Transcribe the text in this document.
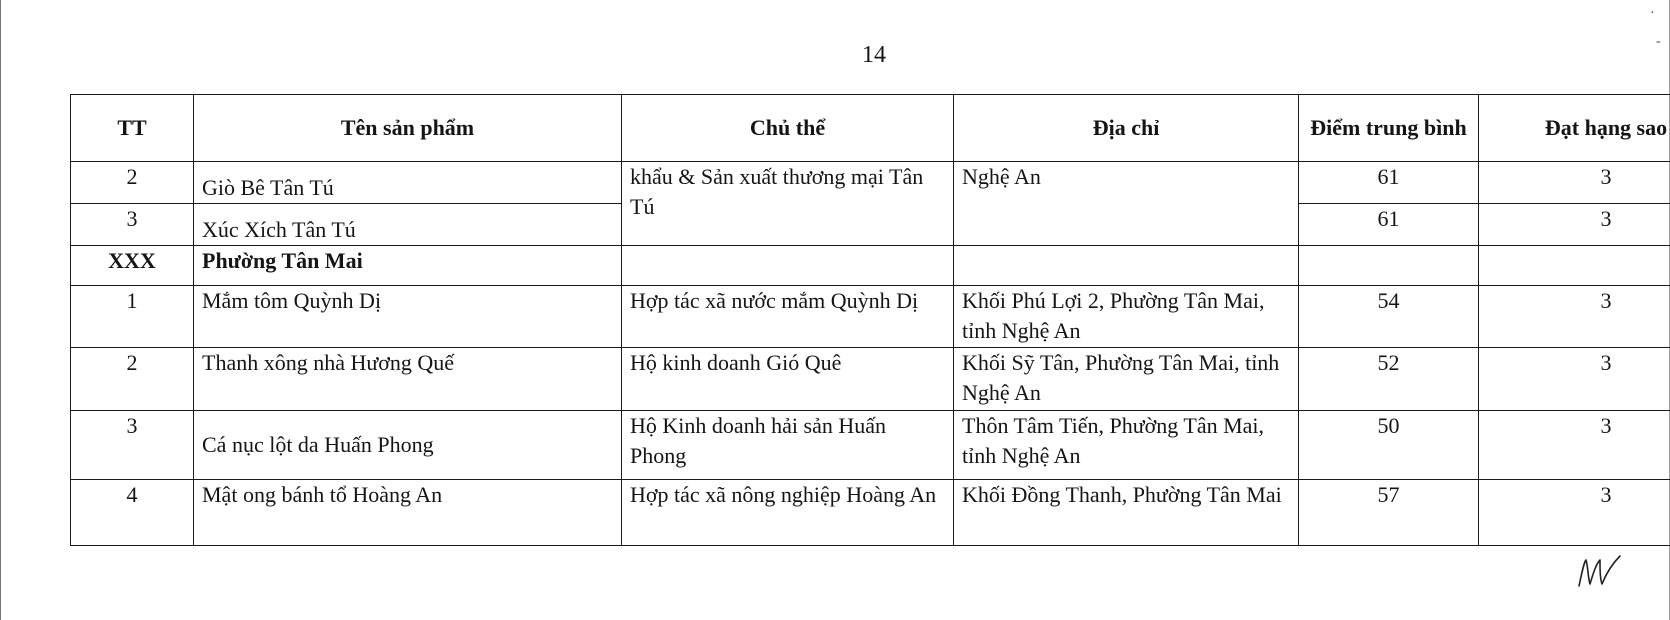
14
TT	Tên sản phẩm	Chủ thể	Địa chỉ	Điểm trung bình	Đạt hạng sao
2	Giò Bê Tân Tú	khẩu & Sản xuất thương mại Tân Tú	Nghệ An	61	3
3	Xúc Xích Tân Tú			61	3
XXX	Phường Tân Mai				
1	Mắm tôm Quỳnh Dị	Hợp tác xã nước mắm Quỳnh Dị	Khối Phú Lợi 2, Phường Tân Mai, tỉnh Nghệ An	54	3
2	Thanh xông nhà Hương Quế	Hộ kinh doanh Gió Quê	Khối Sỹ Tân, Phường Tân Mai, tỉnh Nghệ An	52	3
3	Cá nục lột da Huấn Phong	Hộ Kinh doanh hải sản Huấn Phong	Thôn Tâm Tiến, Phường Tân Mai, tỉnh Nghệ An	50	3
4	Mật ong bánh tổ Hoàng An	Hợp tác xã nông nghiệp Hoàng An	Khối Đồng Thanh, Phường Tân Mai	57	3
·
-
